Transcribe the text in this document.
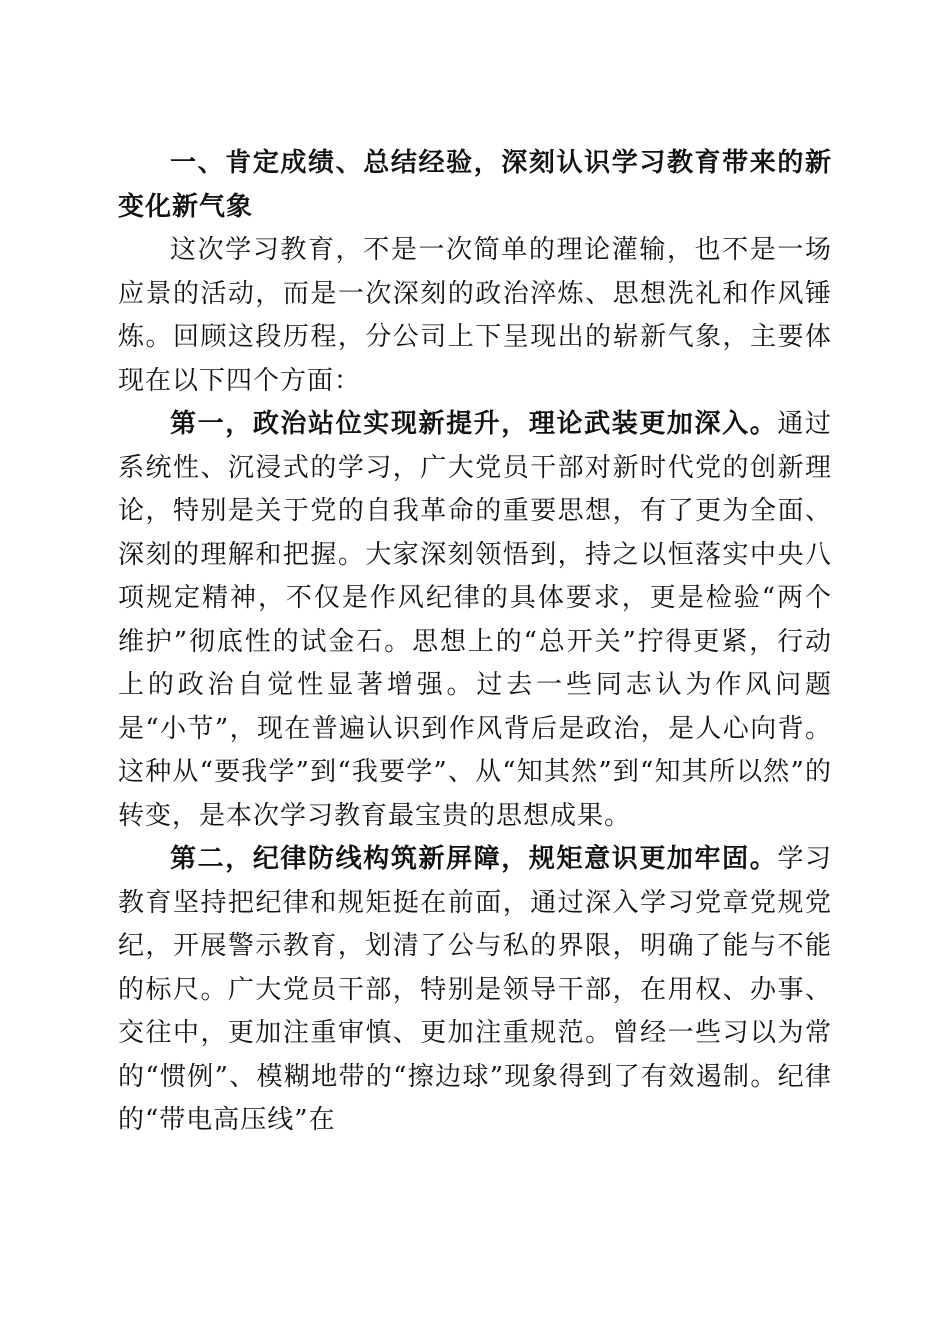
一、肯定成绩、总结经验，深刻认识学习教育带来的新变化新气象

这次学习教育，不是一次简单的理论灌输，也不是一场应景的活动，而是一次深刻的政治淬炼、思想洗礼和作风锤炼。回顾这段历程，分公司上下呈现出的崭新气象，主要体现在以下四个方面：

第一，政治站位实现新提升，理论武装更加深入。通过系统性、沉浸式的学习，广大党员干部对新时代党的创新理论，特别是关于党的自我革命的重要思想，有了更为全面、深刻的理解和把握。大家深刻领悟到，持之以恒落实中央八项规定精神，不仅是作风纪律的具体要求，更是检验“两个维护”彻底性的试金石。思想上的“总开关”拧得更紧，行动上的政治自觉性显著增强。过去一些同志认为作风问题是“小节”，现在普遍认识到作风背后是政治，是人心向背。这种从“要我学”到“我要学”、从“知其然”到“知其所以然”的转变，是本次学习教育最宝贵的思想成果。

第二，纪律防线构筑新屏障，规矩意识更加牢固。学习教育坚持把纪律和规矩挺在前面，通过深入学习党章党规党纪，开展警示教育，划清了公与私的界限，明确了能与不能的标尺。广大党员干部，特别是领导干部，在用权、办事、交往中，更加注重审慎、更加注重规范。曾经一些习以为常的“惯例”、模糊地带的“擦边球”现象得到了有效遏制。纪律的“带电高压线”在
